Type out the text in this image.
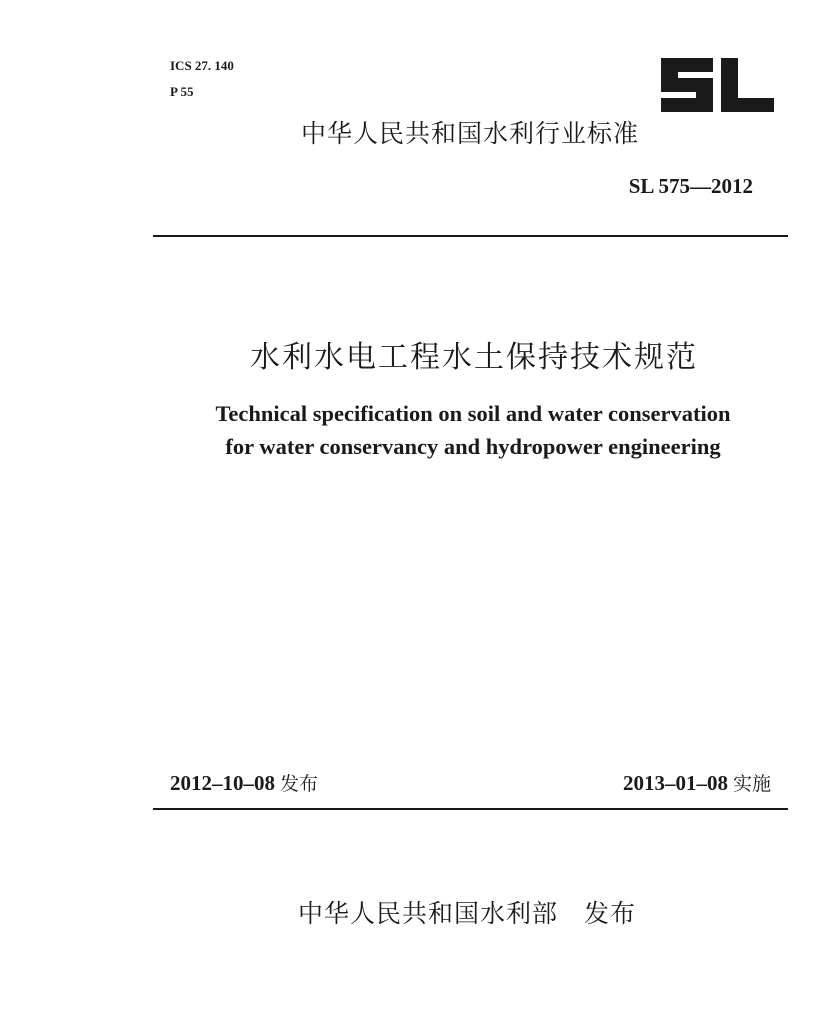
ICS 27. 140
P 55
中华人民共和国水利行业标准
SL 575—2012
水利水电工程水土保持技术规范
Technical specification on soil and water conservation
for water conservancy and hydropower engineering
2012–10–08 发布	2013–01–08 实施
中华人民共和国水利部 发布
